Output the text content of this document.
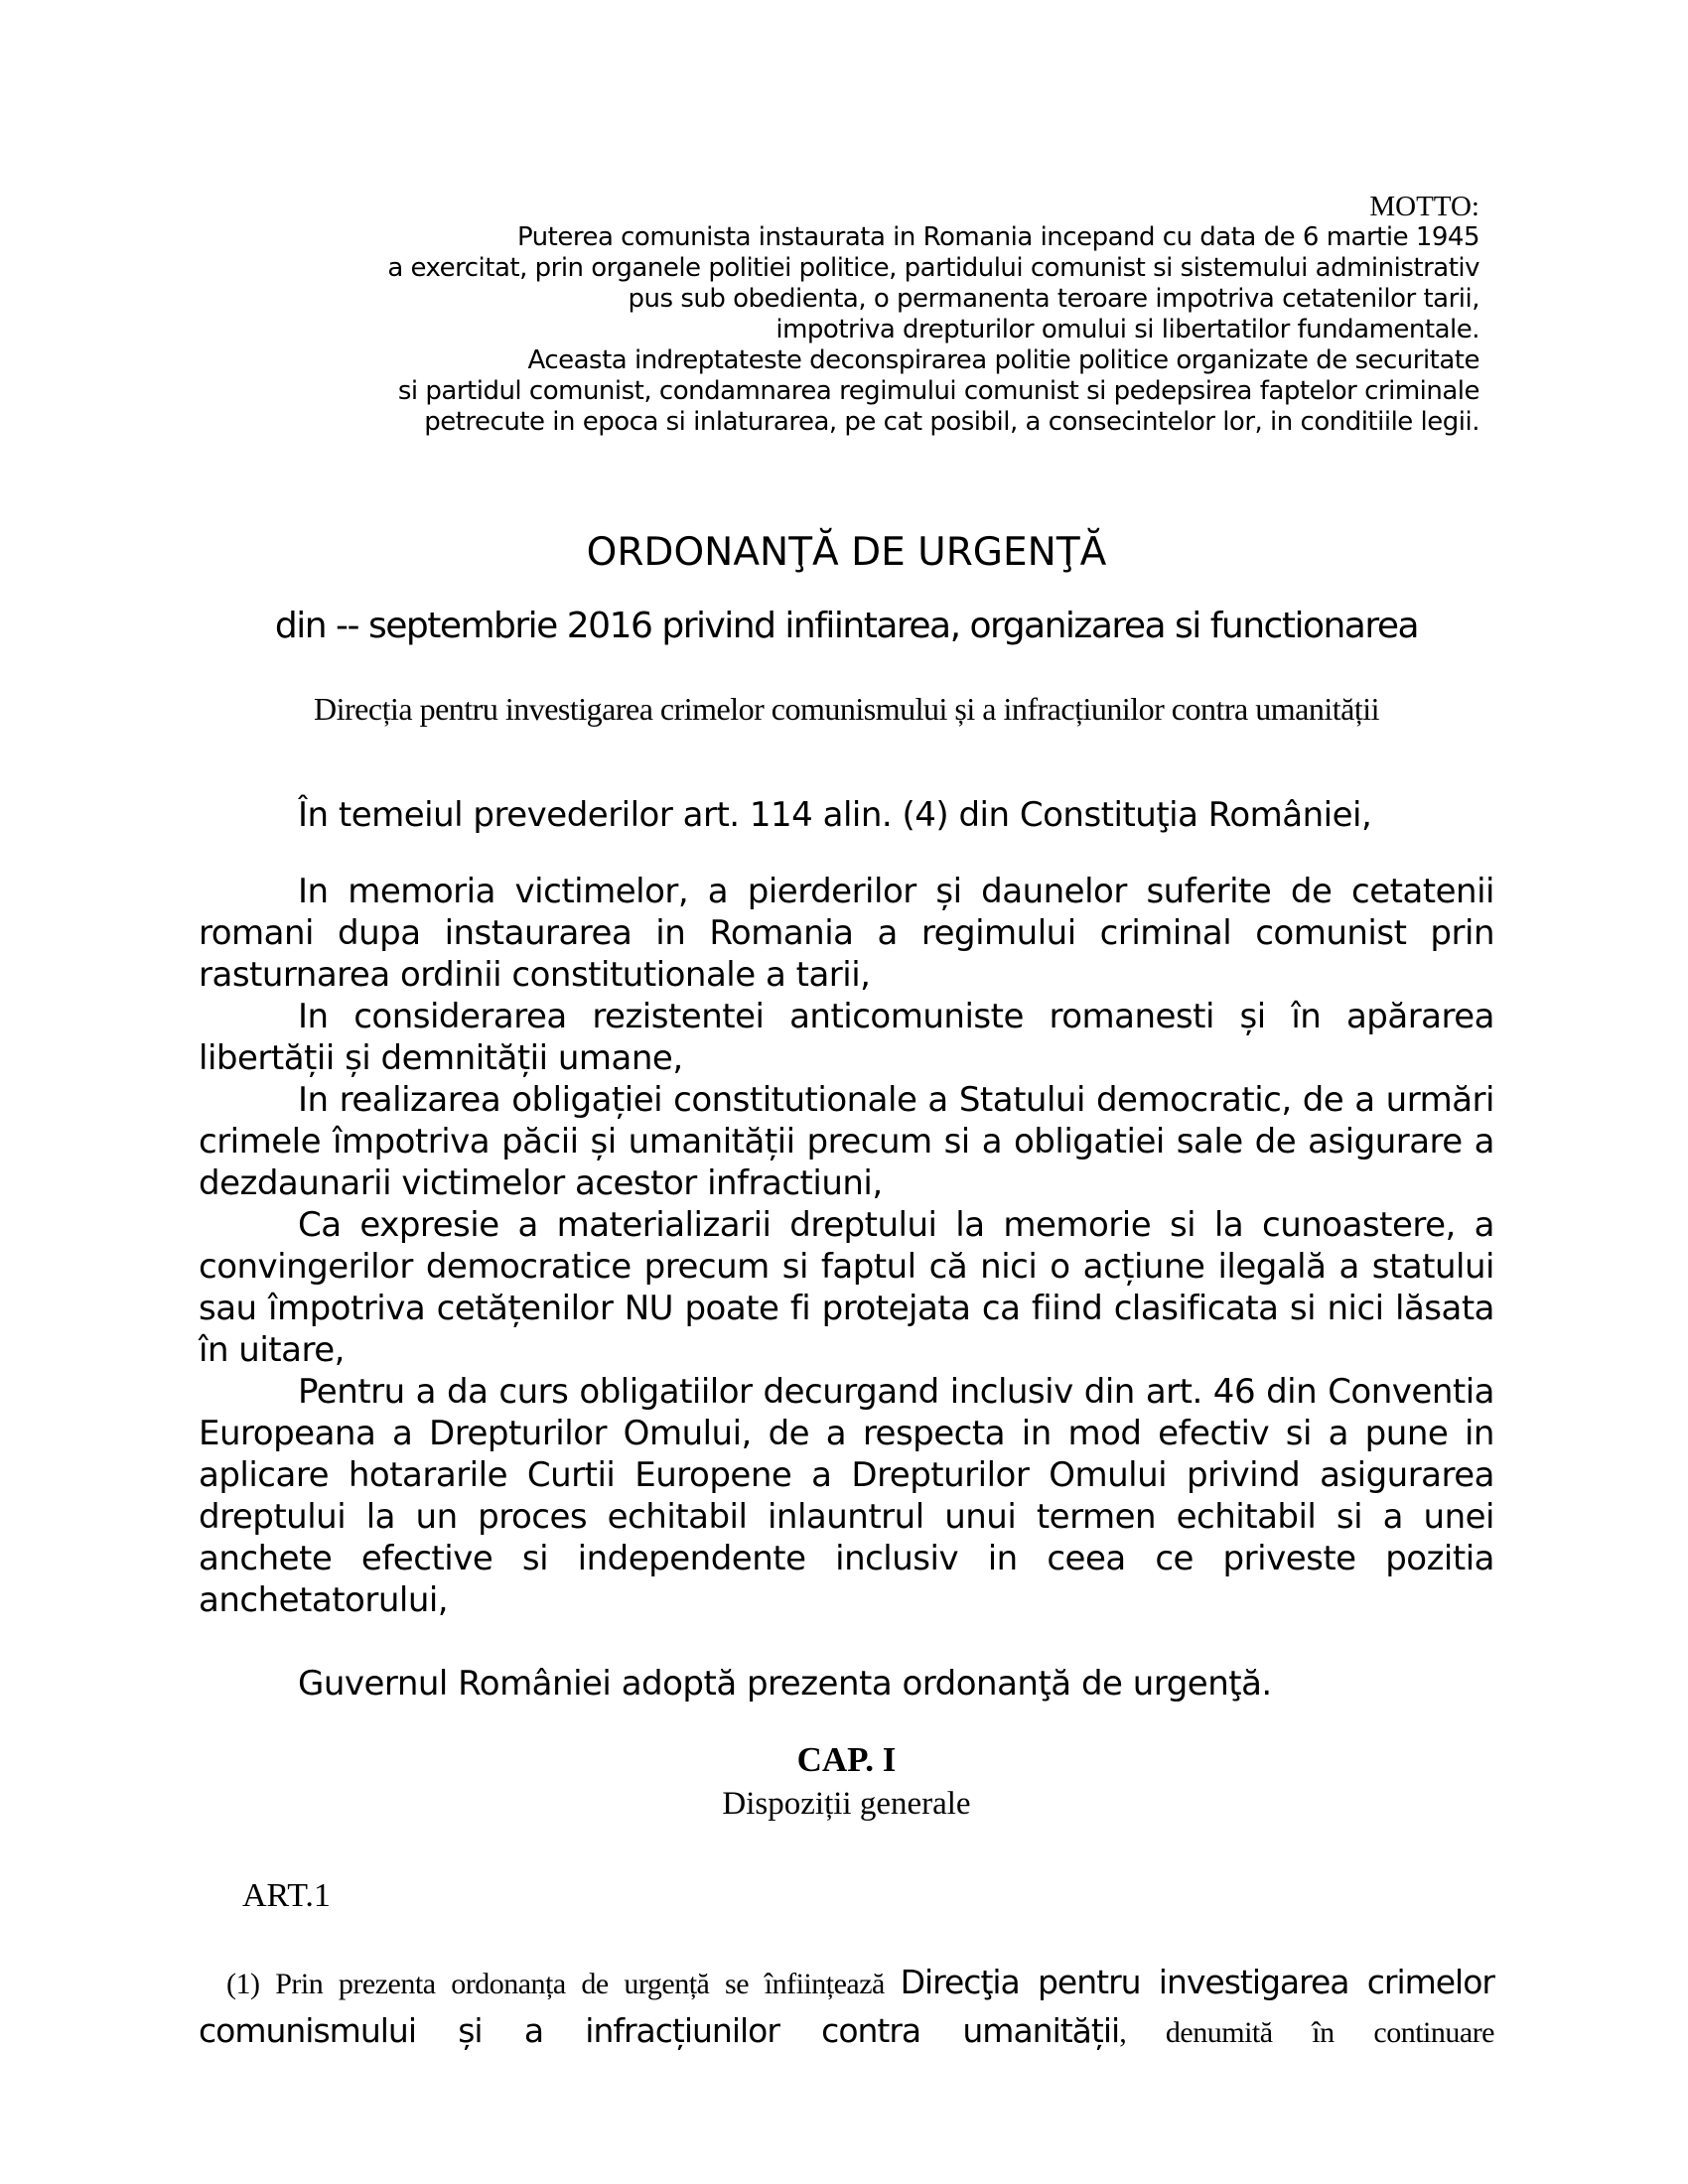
MOTTO:
Puterea comunista instaurata in Romania incepand cu data de 6 martie 1945
a exercitat, prin organele politiei politice, partidului comunist si sistemului administrativ
pus sub obedienta, o permanenta teroare impotriva cetatenilor tarii,
impotriva drepturilor omului si libertatilor fundamentale.
Aceasta indreptateste deconspirarea politie politice organizate de securitate
si partidul comunist, condamnarea regimului comunist si pedepsirea faptelor criminale
petrecute in epoca si inlaturarea, pe cat posibil, a consecintelor lor, in conditiile legii.
ORDONANŢĂ DE URGENŢĂ
din -- septembrie 2016 privind infiintarea, organizarea si functionarea
Direcția pentru investigarea crimelor comunismului și a infracțiunilor contra umanității

În temeiul prevederilor art. 114 alin. (4) din Constituţia României,

In memoria victimelor, a pierderilor și daunelor suferite de cetatenii romani dupa instaurarea in Romania a regimului criminal comunist prin rasturnarea ordinii constitutionale a tarii,

In considerarea rezistentei anticomuniste romanesti și în apărarea libertății și demnității umane,

In realizarea obligației constitutionale a Statului democratic, de a urmări crimele împotriva păcii și umanității precum si a obligatiei sale de asigurare a dezdaunarii victimelor acestor infractiuni,

Ca expresie a materializarii dreptului la memorie si la cunoastere, a convingerilor democratice precum si faptul că nici o acțiune ilegală a statului sau împotriva cetățenilor NU poate fi protejata ca fiind clasificata si nici lăsata în uitare,

Pentru a da curs obligatiilor decurgand inclusiv din art. 46 din Conventia Europeana a Drepturilor Omului, de a respecta in mod efectiv si a pune in aplicare hotararile Curtii Europene a Drepturilor Omului privind asigurarea dreptului la un proces echitabil inlauntrul unui termen echitabil si a unei anchete efective si independente inclusiv in ceea ce priveste pozitia anchetatorului,

Guvernul României adoptă prezenta ordonanţă de urgenţă.

CAP. I
Dispoziții generale
ART.1

(1) Prin prezenta ordonanța de urgență se înființează Direcţia pentru investigarea crimelor comunismului și a infracțiunilor contra umanității, denumită în continuare
